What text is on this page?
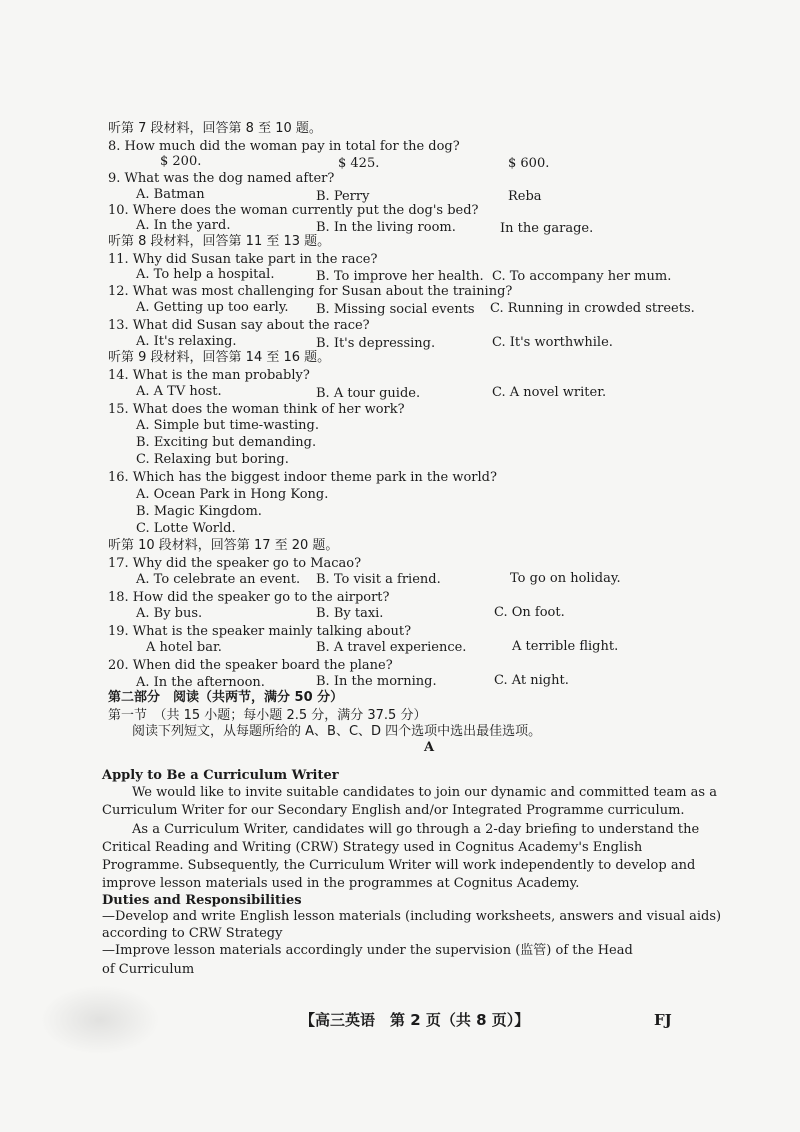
听第 7 段材料，回答第 8 至 10 题。
8. How much did the woman pay in total for the dog?
$ 200.	$ 425.	$ 600.
9. What was the dog named after?
A. Batman	B. Perry	Reba
10. Where does the woman currently put the dog's bed?
A. In the yard.	B. In the living room.	In the garage.
听第 8 段材料，回答第 11 至 13 题。
11. Why did Susan take part in the race?
A. To help a hospital.	B. To improve her health. C. To accompany her mum.
12. What was most challenging for Susan about the training?
A. Getting up too early. B. Missing social events C. Running in crowded streets.
13. What did Susan say about the race?
A. It's relaxing.	B. It's depressing.	C. It's worthwhile.
听第 9 段材料，回答第 14 至 16 题。
14. What is the man probably?
A. A TV host.	B. A tour guide.	C. A novel writer.
15. What does the woman think of her work?
A. Simple but time-wasting.
B. Exciting but demanding.
C. Relaxing but boring.
16. Which has the biggest indoor theme park in the world?
A. Ocean Park in Hong Kong.
B. Magic Kingdom.
C. Lotte World.
听第 10 段材料，回答第 17 至 20 题。
17. Why did the speaker go to Macao?
A. To celebrate an event. B. To visit a friend.	To go on holiday.
18. How did the speaker go to the airport?
A. By bus.	B. By taxi.	C. On foot.
19. What is the speaker mainly talking about?
A hotel bar.	B. A travel experience.	A terrible flight.
20. When did the speaker board the plane?
A. In the afternoon.	B. In the morning.	C. At night.
第二部分　阅读（共两节，满分 50 分）
第一节　（共 15 小题；每小题 2.5 分，满分 37.5 分）
阅读下列短文，从每题所给的 A、B、C、D 四个选项中选出最佳选项。
A
Apply to Be a Curriculum Writer
We would like to invite suitable candidates to join our dynamic and committed team as a
Curriculum Writer for our Secondary English and/or Integrated Programme curriculum.
As a Curriculum Writer, candidates will go through a 2-day briefing to understand the
Critical Reading and Writing (CRW) Strategy used in Cognitus Academy's English
Programme. Subsequently, the Curriculum Writer will work independently to develop and
improve lesson materials used in the programmes at Cognitus Academy.
Duties and Responsibilities
—Develop and write English lesson materials (including worksheets, answers and visual aids)
according to CRW Strategy
—Improve lesson materials accordingly under the supervision (监管) of the Head
of Curriculum
【高三英语　第 2 页（共 8 页）】	FJ
